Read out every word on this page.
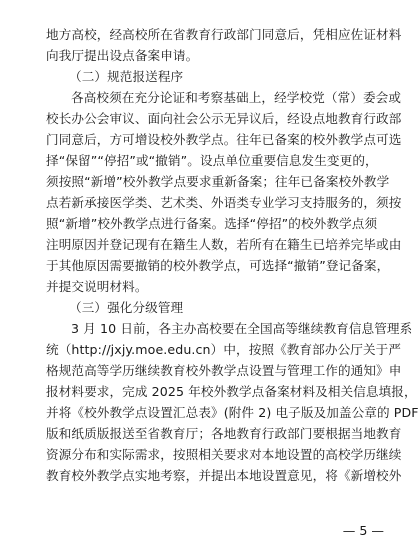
地方高校，经高校所在省教育行政部门同意后，凭相应佐证材料
向我厅提出设点备案申请。
（二）规范报送程序
各高校须在充分论证和考察基础上，经学校党（常）委会或
校长办公会审议、面向社会公示无异议后，经设点地教育行政部
门同意后，方可增设校外教学点。往年已备案的校外教学点可选
择“保留”“停招”或“撤销”。设点单位重要信息发生变更的，
须按照“新增”校外教学点要求重新备案；往年已备案校外教学
点若新承接医学类、艺术类、外语类专业学习支持服务的，须按
照“新增”校外教学点进行备案。选择“停招”的校外教学点须
注明原因并登记现有在籍生人数，若所有在籍生已培养完毕或由
于其他原因需要撤销的校外教学点，可选择“撤销”登记备案，
并提交说明材料。
（三）强化分级管理
3 月 10 日前，各主办高校要在全国高等继续教育信息管理系
统（http://jxjy.moe.edu.cn）中，按照《教育部办公厅关于严
格规范高等学历继续教育校外教学点设置与管理工作的通知》申
报材料要求，完成 2025 年校外教学点备案材料及相关信息填报，
并将《校外教学点设置汇总表》(附件 2) 电子版及加盖公章的 PDF
版和纸质版报送至省教育厅；各地教育行政部门要根据当地教育
资源分布和实际需求，按照相关要求对本地设置的高校学历继续
教育校外教学点实地考察，并提出本地设置意见，将《新增校外
— 5 —
